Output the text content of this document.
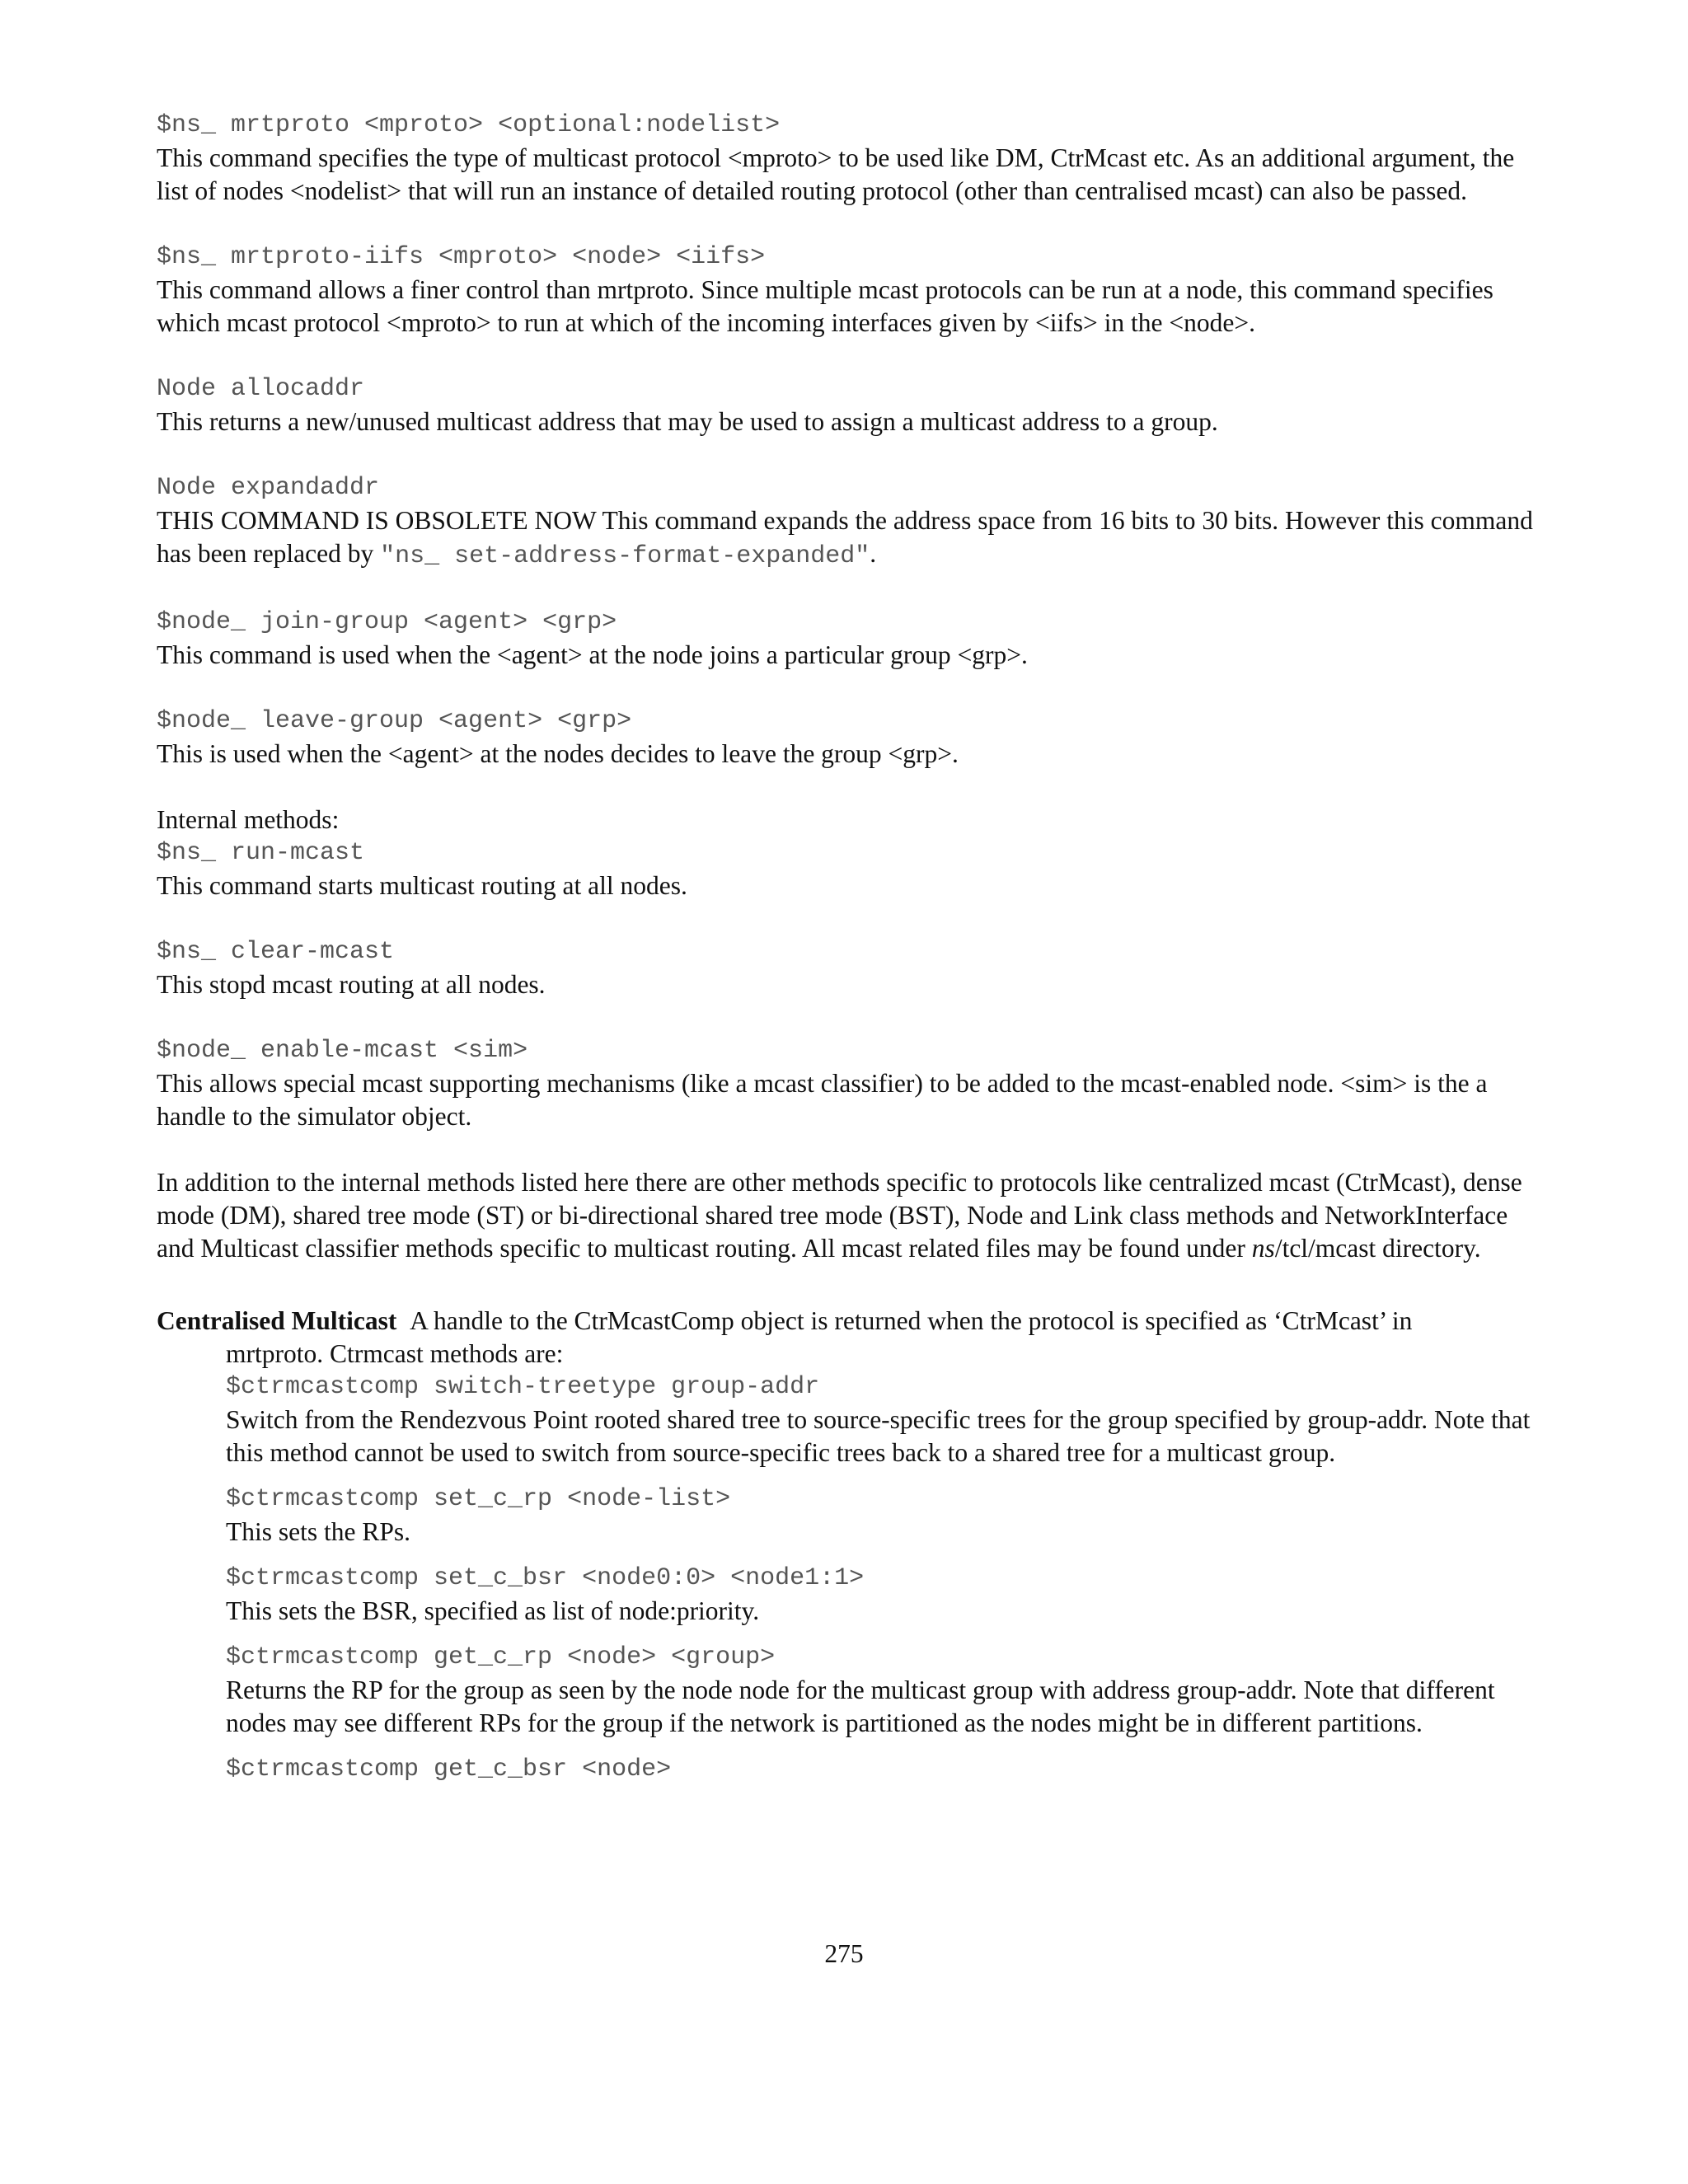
$ns_ mrtproto <mproto> <optional:nodelist>
This command specifies the type of multicast protocol <mproto> to be used like DM, CtrMcast etc. As an additional argument, the list of nodes <nodelist> that will run an instance of detailed routing protocol (other than centralised mcast) can also be passed.
$ns_ mrtproto-iifs <mproto> <node> <iifs>
This command allows a finer control than mrtproto. Since multiple mcast protocols can be run at a node, this command specifies which mcast protocol <mproto> to run at which of the incoming interfaces given by <iifs> in the <node>.
Node allocaddr
This returns a new/unused multicast address that may be used to assign a multicast address to a group.
Node expandaddr
THIS COMMAND IS OBSOLETE NOW This command expands the address space from 16 bits to 30 bits. However this command has been replaced by "ns_ set-address-format-expanded".
$node_ join-group <agent> <grp>
This command is used when the <agent> at the node joins a particular group <grp>.
$node_ leave-group <agent> <grp>
This is used when the <agent> at the nodes decides to leave the group <grp>.
Internal methods:
$ns_ run-mcast
This command starts multicast routing at all nodes.
$ns_ clear-mcast
This stopd mcast routing at all nodes.
$node_ enable-mcast <sim>
This allows special mcast supporting mechanisms (like a mcast classifier) to be added to the mcast-enabled node. <sim> is the a handle to the simulator object.
In addition to the internal methods listed here there are other methods specific to protocols like centralized mcast (CtrMcast), dense mode (DM), shared tree mode (ST) or bi-directional shared tree mode (BST), Node and Link class methods and NetworkInterface and Multicast classifier methods specific to multicast routing. All mcast related files may be found under ns/tcl/mcast directory.
Centralised Multicast A handle to the CtrMcastComp object is returned when the protocol is specified as ‘CtrMcast’ in
mrtproto. Ctrmcast methods are:
$ctrmcastcomp switch-treetype group-addr
Switch from the Rendezvous Point rooted shared tree to source-specific trees for the group specified by group-addr. Note that this method cannot be used to switch from source-specific trees back to a shared tree for a multicast group.
$ctrmcastcomp set_c_rp <node-list>
This sets the RPs.
$ctrmcastcomp set_c_bsr <node0:0> <node1:1>
This sets the BSR, specified as list of node:priority.
$ctrmcastcomp get_c_rp <node> <group>
Returns the RP for the group as seen by the node node for the multicast group with address group-addr. Note that different nodes may see different RPs for the group if the network is partitioned as the nodes might be in different partitions.
$ctrmcastcomp get_c_bsr <node>
275
